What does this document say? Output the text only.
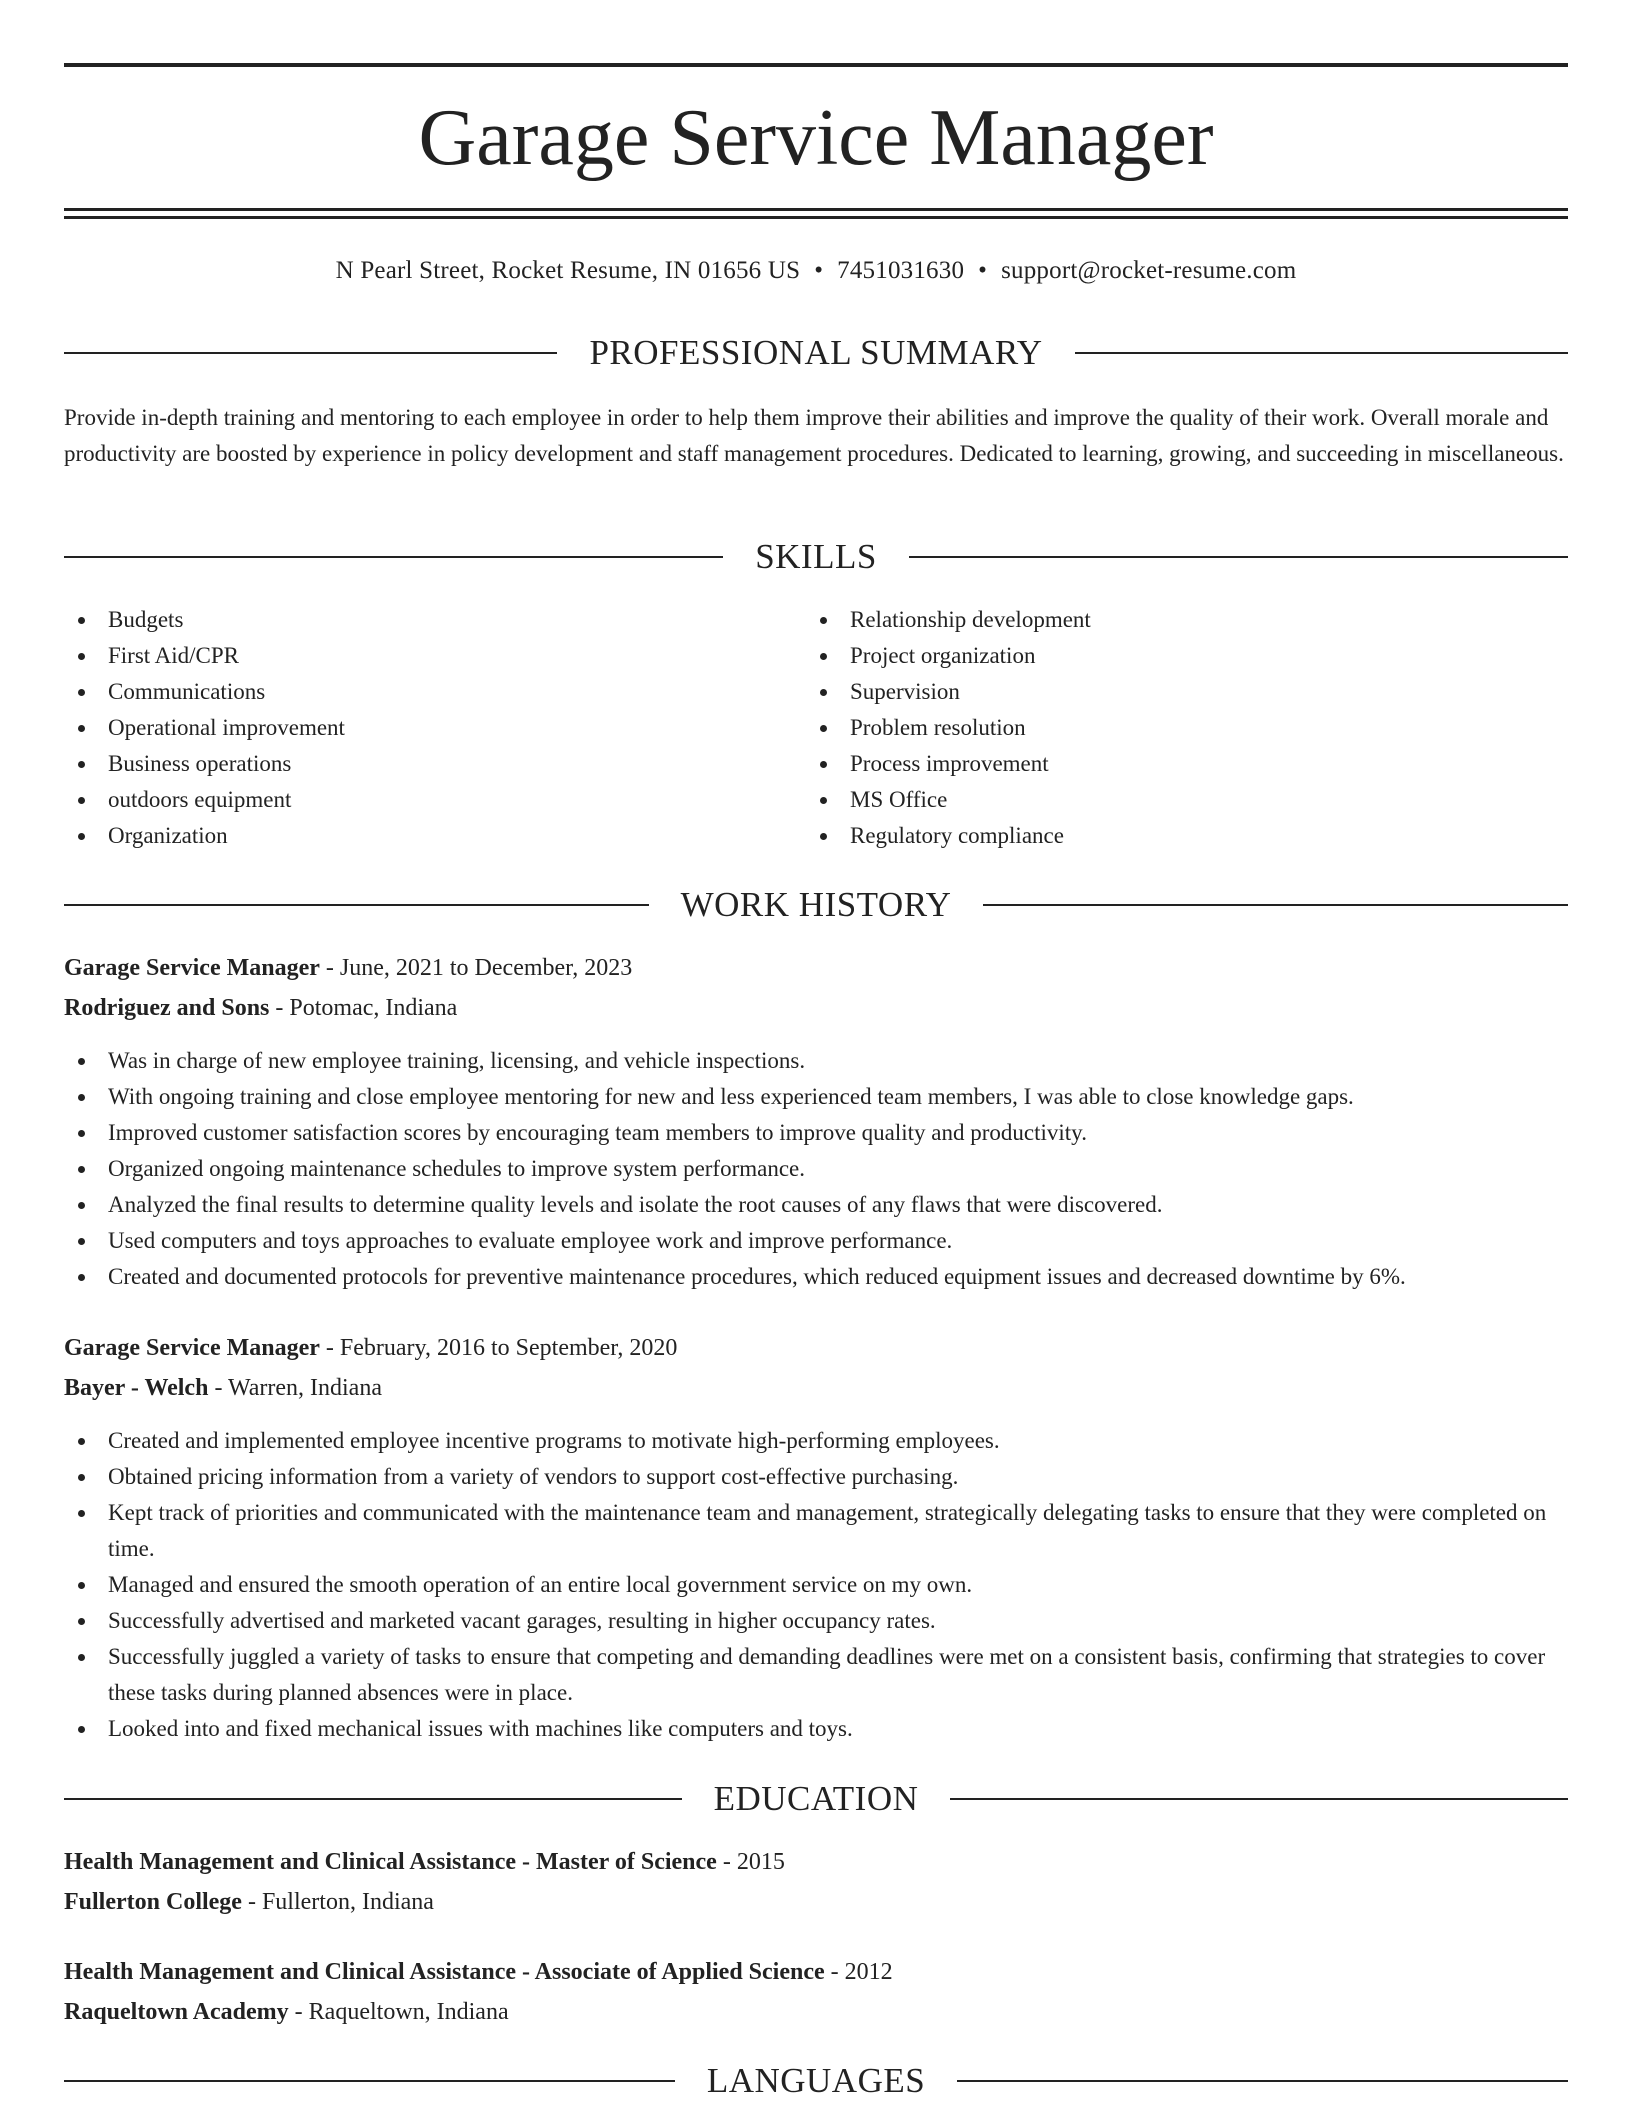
Garage Service Manager
N Pearl Street, Rocket Resume, IN 01656 US • 7451031630 • support@rocket-resume.com
PROFESSIONAL SUMMARY

Provide in-depth training and mentoring to each employee in order to help them improve their abilities and improve the quality of their work. Overall morale and productivity are boosted by experience in policy development and staff management procedures. Dedicated to learning, growing, and succeeding in miscellaneous.

SKILLS
Budgets
First Aid/CPR
Communications
Operational improvement
Business operations
outdoors equipment
Organization
Relationship development
Project organization
Supervision
Problem resolution
Process improvement
MS Office
Regulatory compliance
WORK HISTORY
Garage Service Manager - June, 2021 to December, 2023
Rodriguez and Sons - Potomac, Indiana
Was in charge of new employee training, licensing, and vehicle inspections.
With ongoing training and close employee mentoring for new and less experienced team members, I was able to close knowledge gaps.
Improved customer satisfaction scores by encouraging team members to improve quality and productivity.
Organized ongoing maintenance schedules to improve system performance.
Analyzed the final results to determine quality levels and isolate the root causes of any flaws that were discovered.
Used computers and toys approaches to evaluate employee work and improve performance.
Created and documented protocols for preventive maintenance procedures, which reduced equipment issues and decreased downtime by 6%.
Garage Service Manager - February, 2016 to September, 2020
Bayer - Welch - Warren, Indiana
Created and implemented employee incentive programs to motivate high-performing employees.
Obtained pricing information from a variety of vendors to support cost-effective purchasing.
Kept track of priorities and communicated with the maintenance team and management, strategically delegating tasks to ensure that they were completed on time.
Managed and ensured the smooth operation of an entire local government service on my own.
Successfully advertised and marketed vacant garages, resulting in higher occupancy rates.
Successfully juggled a variety of tasks to ensure that competing and demanding deadlines were met on a consistent basis, confirming that strategies to cover these tasks during planned absences were in place.
Looked into and fixed mechanical issues with machines like computers and toys.
EDUCATION
Health Management and Clinical Assistance - Master of Science - 2015
Fullerton College - Fullerton, Indiana
Health Management and Clinical Assistance - Associate of Applied Science - 2012
Raqueltown Academy - Raqueltown, Indiana
LANGUAGES
